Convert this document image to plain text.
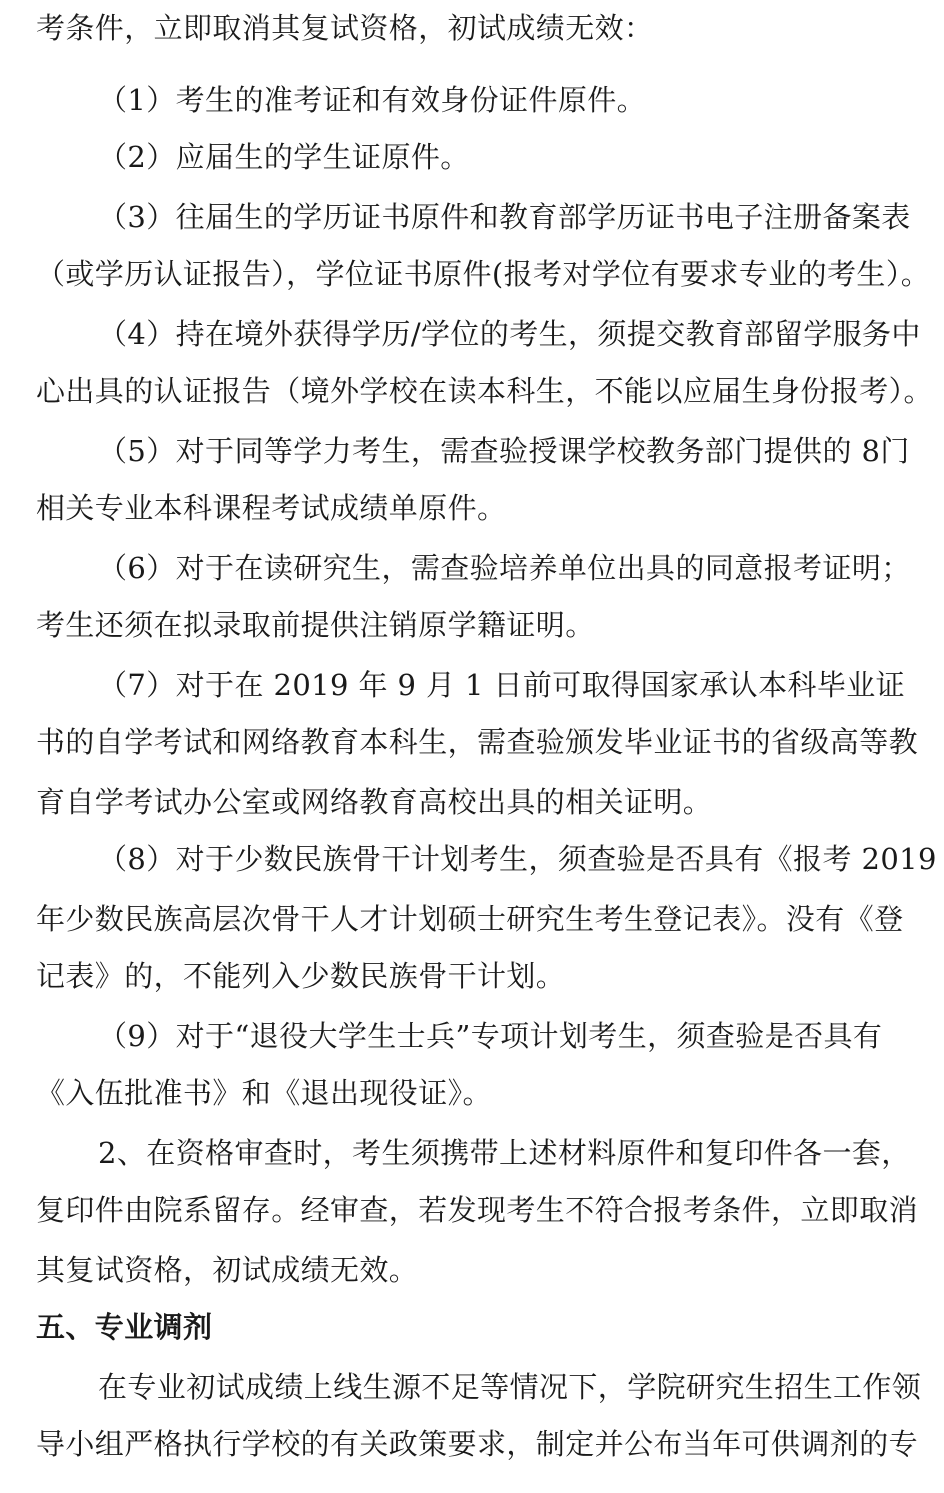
考条件，立即取消其复试资格，初试成绩无效：
（1）考生的准考证和有效身份证件原件。
（2）应届生的学生证原件。
（3）往届生的学历证书原件和教育部学历证书电子注册备案表
（或学历认证报告），学位证书原件(报考对学位有要求专业的考生）。
（4）持在境外获得学历/学位的考生，须提交教育部留学服务中
心出具的认证报告（境外学校在读本科生，不能以应届生身份报考）。
（5）对于同等学力考生，需查验授课学校教务部门提供的 8门
相关专业本科课程考试成绩单原件。
（6）对于在读研究生，需查验培养单位出具的同意报考证明；
考生还须在拟录取前提供注销原学籍证明。
（7）对于在 2019 年 9 月 1 日前可取得国家承认本科毕业证
书的自学考试和网络教育本科生，需查验颁发毕业证书的省级高等教
育自学考试办公室或网络教育高校出具的相关证明。
（8）对于少数民族骨干计划考生，须查验是否具有《报考 2019
年少数民族高层次骨干人才计划硕士研究生考生登记表》。没有《登
记表》的，不能列入少数民族骨干计划。
（9）对于“退役大学生士兵”专项计划考生，须查验是否具有
《入伍批准书》和《退出现役证》。
2、在资格审查时，考生须携带上述材料原件和复印件各一套，
复印件由院系留存。经审查，若发现考生不符合报考条件，立即取消
其复试资格，初试成绩无效。
五、专业调剂
在专业初试成绩上线生源不足等情况下，学院研究生招生工作领
导小组严格执行学校的有关政策要求，制定并公布当年可供调剂的专
